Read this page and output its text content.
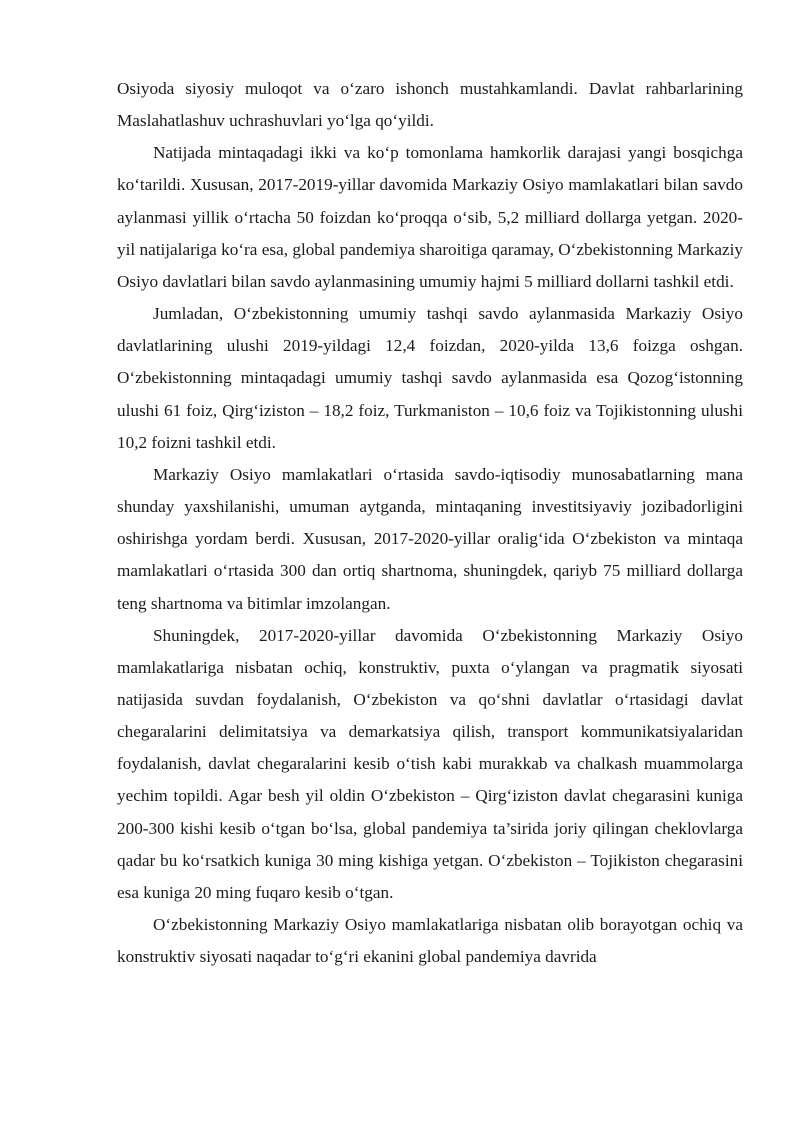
Osiyoda siyosiy muloqot va o‘zaro ishonch mustahkamlandi. Davlat rahbarlarining Maslahatlashuv uchrashuvlari yo‘lga qo‘yildi.

Natijada mintaqadagi ikki va ko‘p tomonlama hamkorlik darajasi yangi bosqichga ko‘tarildi. Xususan, 2017-2019-yillar davomida Markaziy Osiyo mamlakatlari bilan savdo aylanmasi yillik o‘rtacha 50 foizdan ko‘proqqa o‘sib, 5,2 milliard dollarga yetgan. 2020-yil natijalariga ko‘ra esa, global pandemiya sharoitiga qaramay, O‘zbekistonning Markaziy Osiyo davlatlari bilan savdo aylanmasining umumiy hajmi 5 milliard dollarni tashkil etdi.

Jumladan, O‘zbekistonning umumiy tashqi savdo aylanmasida Markaziy Osiyo davlatlarining ulushi 2019-yildagi 12,4 foizdan, 2020-yilda 13,6 foizga oshgan. O‘zbekistonning mintaqadagi umumiy tashqi savdo aylanmasida esa Qozog‘istonning ulushi 61 foiz, Qirg‘iziston – 18,2 foiz, Turkmaniston – 10,6 foiz va Tojikistonning ulushi 10,2 foizni tashkil etdi.

Markaziy Osiyo mamlakatlari o‘rtasida savdo-iqtisodiy munosabatlarning mana shunday yaxshilanishi, umuman aytganda, mintaqaning investitsiyaviy jozibadorligini oshirishga yordam berdi. Xususan, 2017-2020-yillar oralig‘ida O‘zbekiston va mintaqa mamlakatlari o‘rtasida 300 dan ortiq shartnoma, shuningdek, qariyb 75 milliard dollarga teng shartnoma va bitimlar imzolangan.

Shuningdek, 2017-2020-yillar davomida O‘zbekistonning Markaziy Osiyo mamlakatlariga nisbatan ochiq, konstruktiv, puxta o‘ylangan va pragmatik siyosati natijasida suvdan foydalanish, O‘zbekiston va qo‘shni davlatlar o‘rtasidagi davlat chegaralarini delimitatsiya va demarkatsiya qilish, transport kommunikatsiyalaridan foydalanish, davlat chegaralarini kesib o‘tish kabi murakkab va chalkash muammolarga yechim topildi. Agar besh yil oldin O‘zbekiston – Qirg‘iziston davlat chegarasini kuniga 200-300 kishi kesib o‘tgan bo‘lsa, global pandemiya ta’sirida joriy qilingan cheklovlarga qadar bu ko‘rsatkich kuniga 30 ming kishiga yetgan. O‘zbekiston – Tojikiston chegarasini esa kuniga 20 ming fuqaro kesib o‘tgan.

O‘zbekistonning Markaziy Osiyo mamlakatlariga nisbatan olib borayotgan ochiq va konstruktiv siyosati naqadar to‘g‘ri ekanini global pandemiya davrida
